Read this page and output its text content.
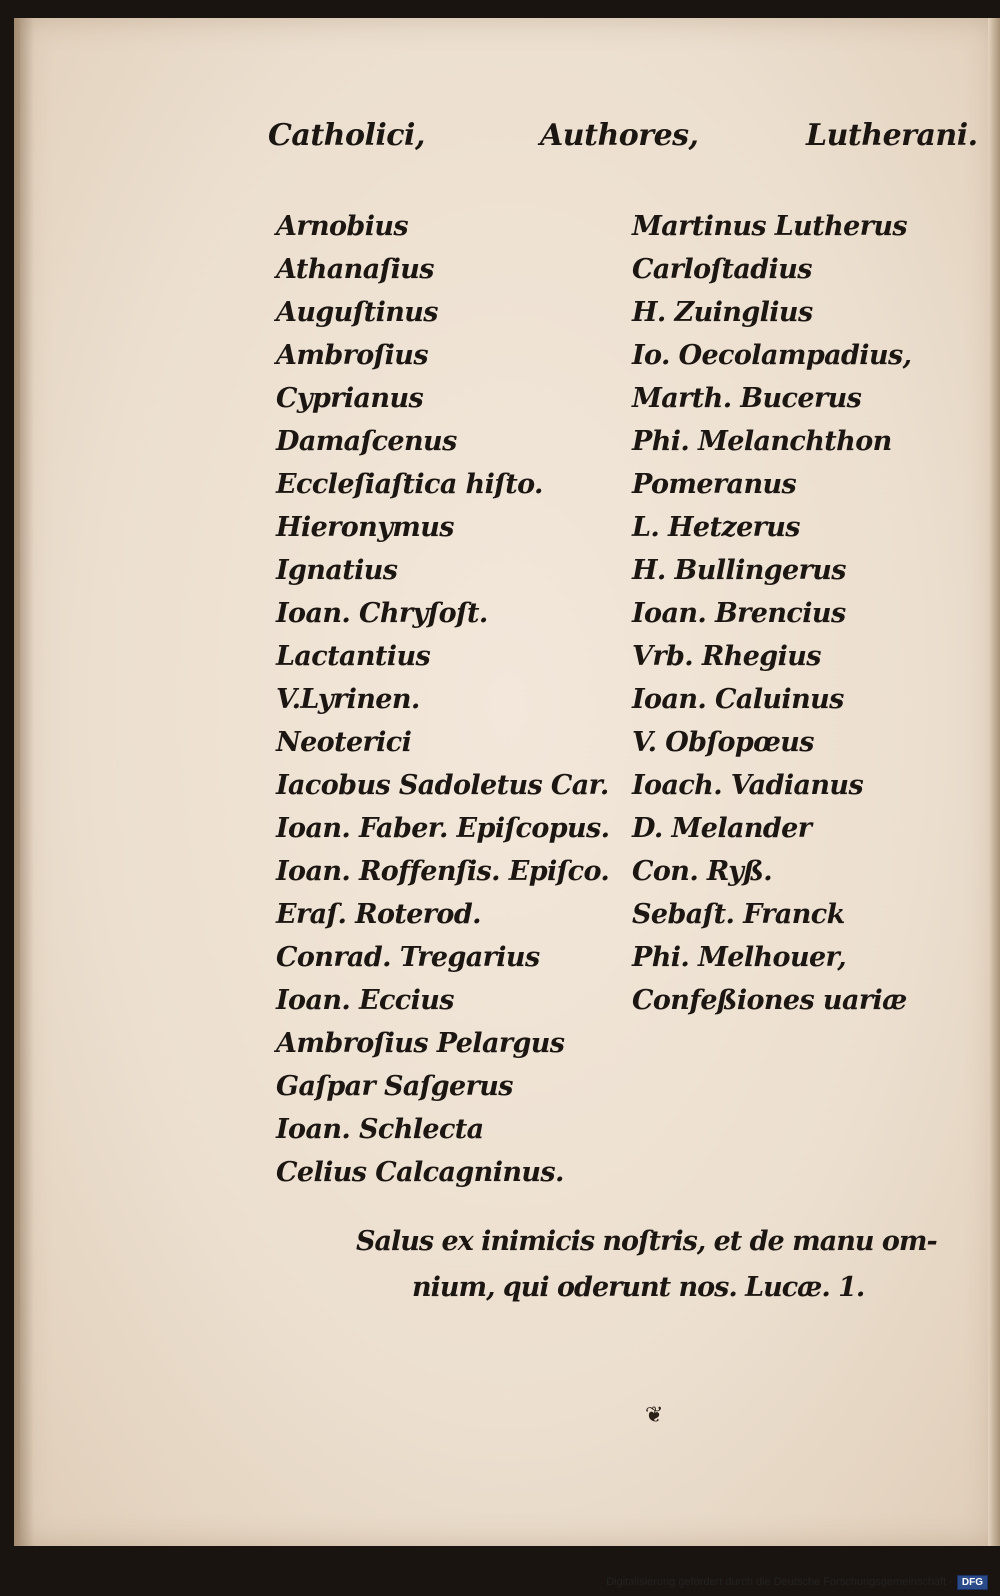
Catholici,	Authores,	Lutherani.
Arnobius
Athanaſius
Auguſtinus
Ambroſius
Cyprianus
Damaſcenus
Eccleſiaſtica hiſto.
Hieronymus
Ignatius
Ioan. Chryſoſt.
Lactantius
V.Lyrinen.
Neoterici
Iacobus Sadoletus Car.
Ioan. Faber. Epiſcopus.
Ioan. Roffenſis. Epiſco.
Eraſ. Roterod.
Conrad. Tregarius
Ioan. Eccius
Ambroſius Pelargus
Gaſpar Saſgerus
Ioan. Schlecta
Celius Calcagninus.
Martinus Lutherus
Carloſtadius
H. Zuinglius
Io. Oecolampadius,
Marth. Bucerus
Phi. Melanchthon
Pomeranus
L. Hetzerus
H. Bullingerus
Ioan. Brencius
Vrb. Rhegius
Ioan. Caluinus
V. Obſopœus
Ioach. Vadianus
D. Melander
Con. Ryß.
Sebaſt. Franck
Phi. Melhouer,
Confeßiones uariæ
Salus ex inimicis noſtris, et de manu om-
nium, qui oderunt nos. Lucæ. 1.
❦
Digitalisierung gefördert durch die Deutsche Forschungsgemeinschaft - DFG
